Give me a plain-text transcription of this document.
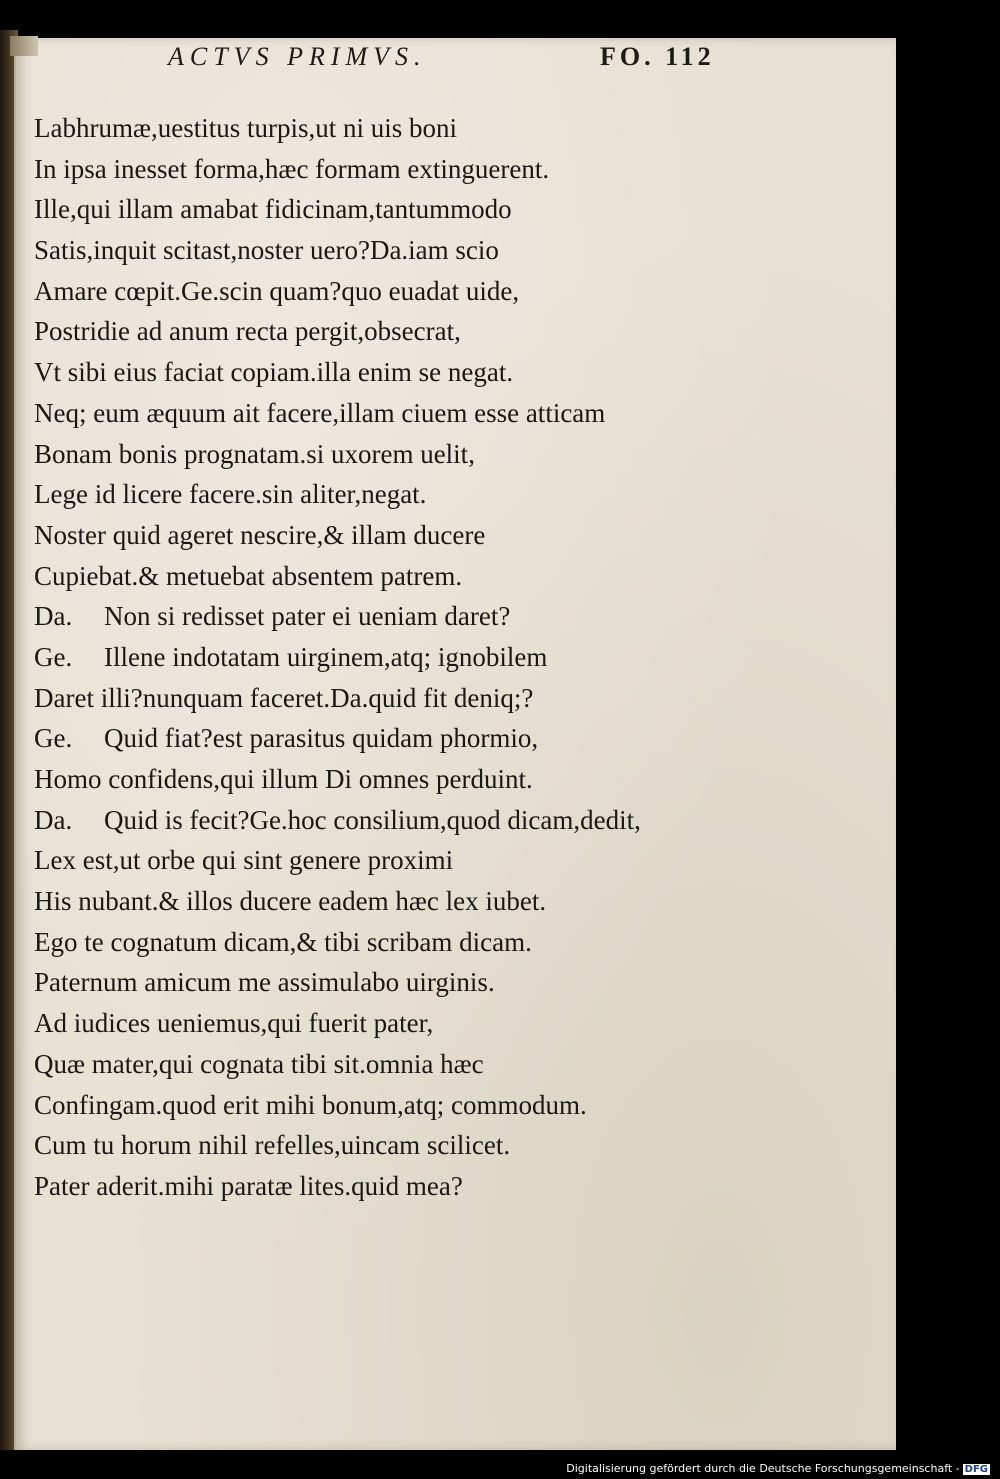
ACTVS PRIMVS.	FO. 112
Labhrumæ,uestitus turpis,ut ni uis boni
In ipsa inesset forma,hæc formam extinguerent.
Ille,qui illam amabat fidicinam,tantummodo
Satis,inquit scitast,noster uero?Da.iam scio
Amare cœpit.Ge.scin quam?quo euadat uide,
Postridie ad anum recta pergit,obsecrat,
Vt sibi eius faciat copiam.illa enim se negat.
Neq; eum æquum ait facere,illam ciuem esse atticam
Bonam bonis prognatam.si uxorem uelit,
Lege id licere facere.sin aliter,negat.
Noster quid ageret nescire,& illam ducere
Cupiebat.& metuebat absentem patrem.
Da. Non si redisset pater ei ueniam daret?
Ge. Illene indotatam uirginem,atq; ignobilem
Daret illi?nunquam faceret.Da.quid fit deniq;?
Ge. Quid fiat?est parasitus quidam phormio,
Homo confidens,qui illum Di omnes perduint.
Da. Quid is fecit?Ge.hoc consilium,quod dicam,dedit,
Lex est,ut orbe qui sint genere proximi
His nubant.& illos ducere eadem hæc lex iubet.
Ego te cognatum dicam,& tibi scribam dicam.
Paternum amicum me assimulabo uirginis.
Ad iudices ueniemus,qui fuerit pater,
Quæ mater,qui cognata tibi sit.omnia hæc
Confingam.quod erit mihi bonum,atq; commodum.
Cum tu horum nihil refelles,uincam scilicet.
Pater aderit.mihi paratæ lites.quid mea?
Digitalisierung gefördert durch die Deutsche Forschungsgemeinschaft - DFG
